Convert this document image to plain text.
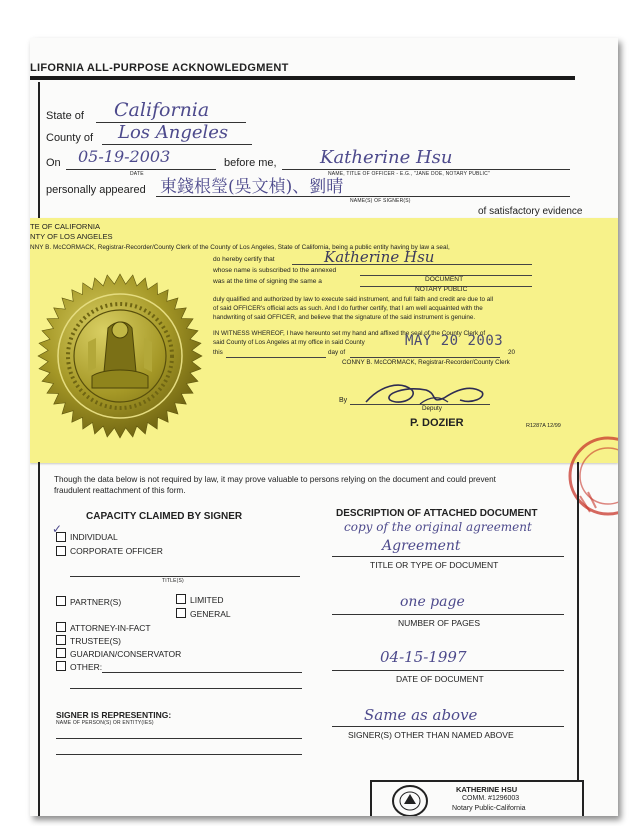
LIFORNIA ALL-PURPOSE ACKNOWLEDGMENT
State of California
County of Los Angeles
On 05-19-2003
DATE
before me, Katherine Hsu
NAME, TITLE OF OFFICER - E.G., "JANE DOE, NOTARY PUBLIC"
personally appeared 東錢根瑩(吳文楨)、劉晴
NAME(S) OF SIGNER(S)
of satisfactory evidence
TE OF CALIFORNIA
NTY OF LOS ANGELES
NNY B. McCORMACK, Registrar-Recorder/County Clerk of the County of Los Angeles, State of California, being a public entity having by law a seal,
do hereby certify that	Katherine Hsu
whose name is subscribed to the annexed
DOCUMENT
was at the time of signing the same a
NOTARY PUBLIC
duly qualified and authorized by law to execute said instrument, and full faith and credit are due to all
of said OFFICER's official acts as such. And I do further certify, that I am well acquainted with the
handwriting of said OFFICER, and believe that the signature of the said instrument is genuine.
IN WITNESS WHEREOF, I have hereunto set my hand and affixed the seal of the County Clerk of
said County of Los Angeles at my office in said County	MAY 20 2003
this	day of	20
CONNY B. McCORMACK, Registrar-Recorder/County Clerk
By
Deputy
P. DOZIER	R1287A 12/99
Though the data below is not required by law, it may prove valuable to persons relying on the document and could prevent
fraudulent reattachment of this form.
CAPACITY CLAIMED BY SIGNER
✓
INDIVIDUAL
CORPORATE OFFICER
TITLE(S)
PARTNER(S)	LIMITED
GENERAL
ATTORNEY-IN-FACT
TRUSTEE(S)
GUARDIAN/CONSERVATOR
OTHER:
SIGNER IS REPRESENTING:
NAME OF PERSON(S) OR ENTITY(IES)
DESCRIPTION OF ATTACHED DOCUMENT
copy of the original agreement
Agreement
TITLE OR TYPE OF DOCUMENT
one page
NUMBER OF PAGES
04-15-1997
DATE OF DOCUMENT
Same as above
SIGNER(S) OTHER THAN NAMED ABOVE
KATHERINE HSU
COMM. #1296003
Notary Public-California
